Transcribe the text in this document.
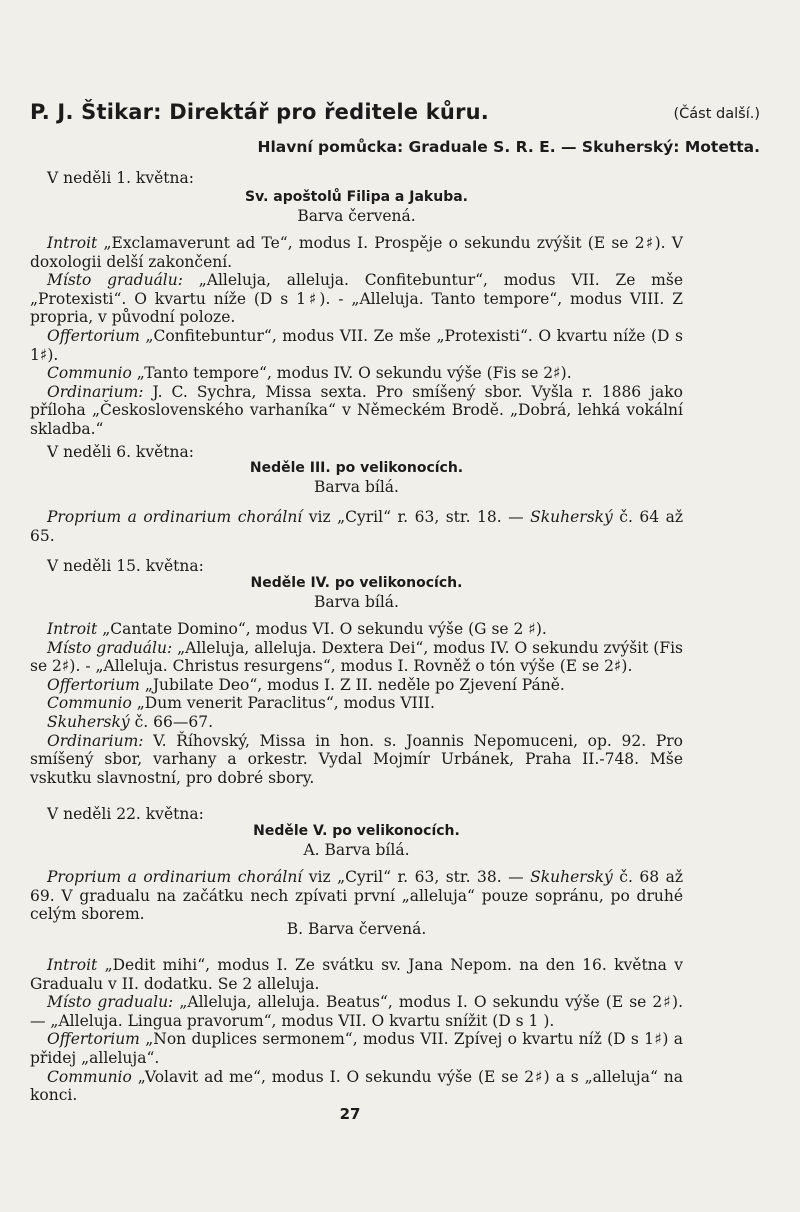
P. J. Štikar: Direktář pro ředitele kůru.	(Část další.)
Hlavní pomůcka: Graduale S. R. E. — Skuherský: Motetta.
V neděli 1. května:
Sv. apoštolů Filipa a Jakuba.
Barva červená.

Introit „Exclamaverunt ad Te“, modus I. Prospěje o sekundu zvýšit (E se 2♯). V doxologii delší zakončení.

Místo graduálu: „Alleluja, alleluja. Confitebuntur“, modus VII. Ze mše „Protexisti“. O kvartu níže (D s 1♯). - „Alleluja. Tanto tempore“, modus VIII. Z propria, v původní poloze.

Offertorium „Confitebuntur“, modus VII. Ze mše „Protexisti“. O kvartu níže (D s 1♯).

Communio „Tanto tempore“, modus IV. O sekundu výše (Fis se 2♯).

Ordinarium: J. C. Sychra, Missa sexta. Pro smíšený sbor. Vyšla r. 1886 jako příloha „Československého varhaníka“ v Německém Brodě. „Dobrá, lehká vokální skladba.“

V neděli 6. května:
Neděle III. po velikonocích.
Barva bílá.

Proprium a ordinarium chorální viz „Cyril“ r. 63, str. 18. — Skuherský č. 64 až 65.

V neděli 15. května:
Neděle IV. po velikonocích.
Barva bílá.

Introit „Cantate Domino“, modus VI. O sekundu výše (G se 2 ♯).

Místo graduálu: „Alleluja, alleluja. Dextera Dei“, modus IV. O sekundu zvýšit (Fis se 2♯). - „Alleluja. Christus resurgens“, modus I. Rovněž o tón výše (E se 2♯).

Offertorium „Jubilate Deo“, modus I. Z II. neděle po Zjevení Páně.

Communio „Dum venerit Paraclitus“, modus VIII.

Skuherský č. 66—67.

Ordinarium: V. Říhovský, Missa in hon. s. Joannis Nepomuceni, op. 92. Pro smíšený sbor, varhany a orkestr. Vydal Mojmír Urbánek, Praha II.-748. Mše vskutku slavnostní, pro dobré sbory.

V neděli 22. května:
Neděle V. po velikonocích.
A. Barva bílá.

Proprium a ordinarium chorální viz „Cyril“ r. 63, str. 38. — Skuherský č. 68 až 69. V gradualu na začátku nech zpívati první „alleluja“ pouze sopránu, po druhé celým sborem.

B. Barva červená.

Introit „Dedit mihi“, modus I. Ze svátku sv. Jana Nepom. na den 16. května v Gradualu v II. dodatku. Se 2 alleluja.

Místo gradualu: „Alleluja, alleluja. Beatus“, modus I. O sekundu výše (E se 2♯). — „Alleluja. Lingua pravorum“, modus VII. O kvartu snížit (D s 1 ).

Offertorium „Non duplices sermonem“, modus VII. Zpívej o kvartu níž (D s 1♯) a přidej „alleluja“.

Communio „Volavit ad me“, modus I. O sekundu výše (E se 2♯) a s „alleluja“ na konci.

27
